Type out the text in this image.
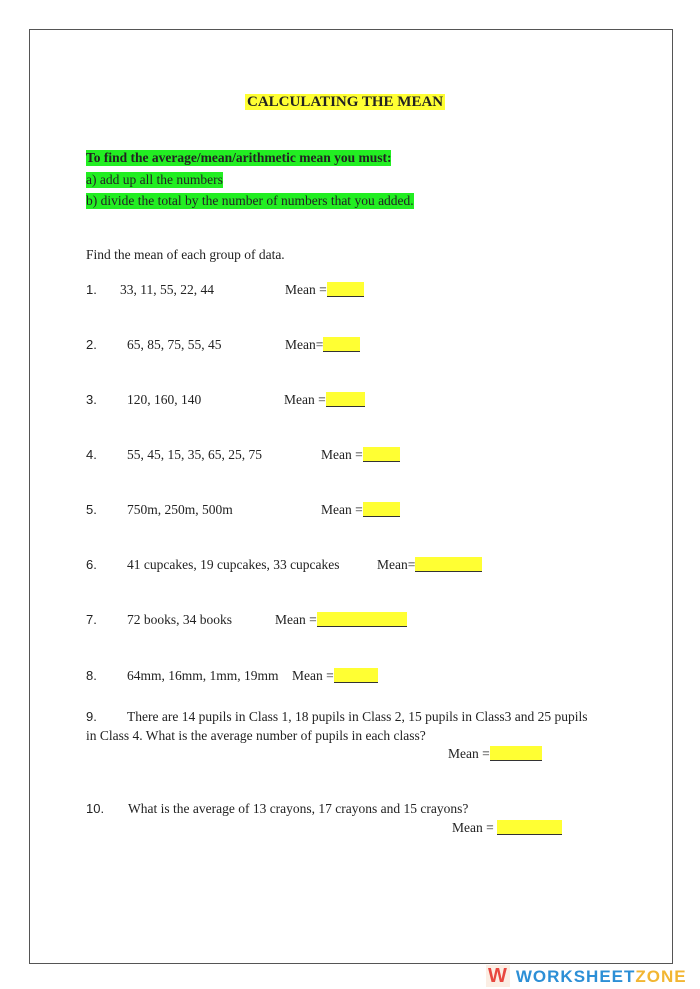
CALCULATING THE MEAN
To find the average/mean/arithmetic mean you must:
a) add up all the numbers
b) divide the total by the number of numbers that you added.
Find the mean of each group of data.
1. 33, 11, 55, 22, 44	Mean =
2. 65, 85, 75, 55, 45	Mean=
3. 120, 160, 140	Mean =
4. 55, 45, 15, 35, 65, 25, 75	Mean =
5. 750m, 250m, 500m	Mean =
6. 41 cupcakes, 19 cupcakes, 33 cupcakes	Mean=
7. 72 books, 34 books	Mean =
8. 64mm, 16mm, 1mm, 19mm Mean =
9. There are 14 pupils in Class 1, 18 pupils in Class 2, 15 pupils in Class3 and 25 pupils
in Class 4. What is the average number of pupils in each class?
Mean =
10. What is the average of 13 crayons, 17 crayons and 15 crayons?
Mean =
W WORKSHEETZONE
